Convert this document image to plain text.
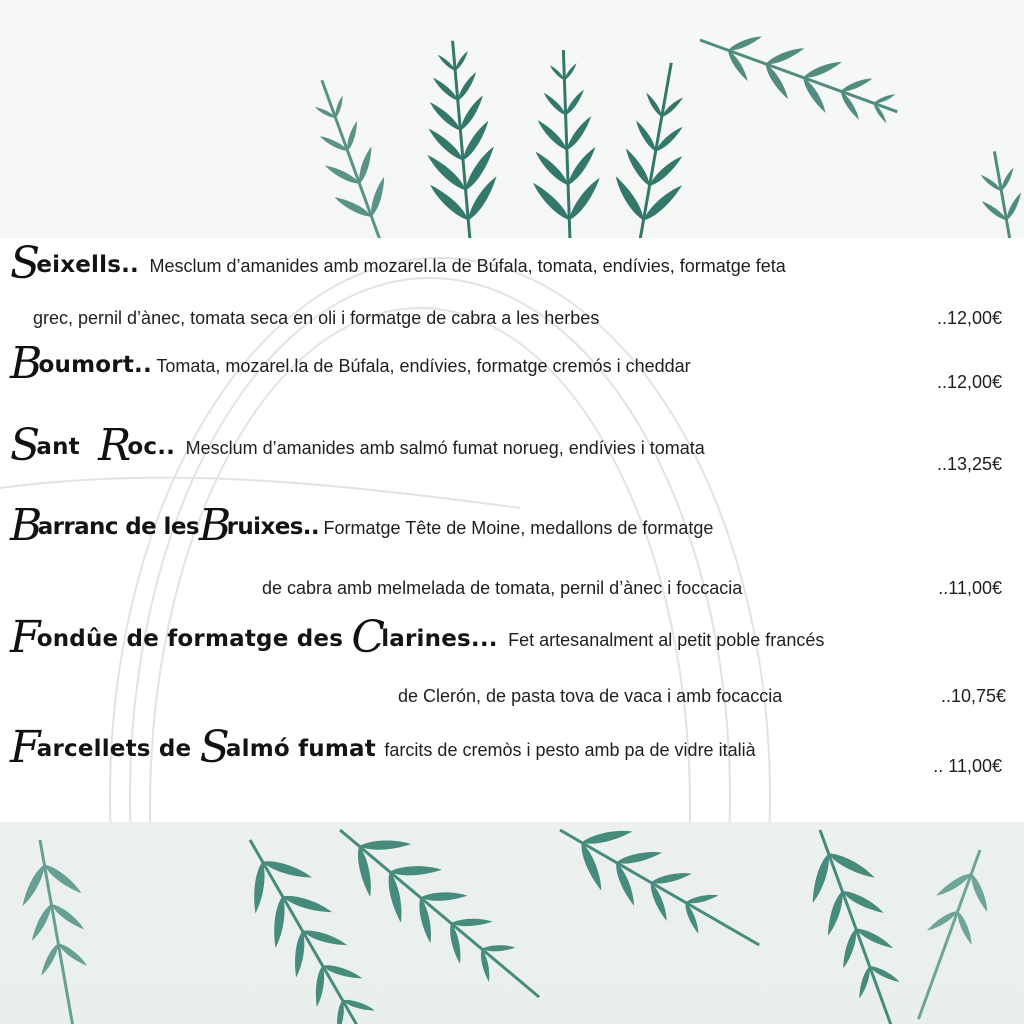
Seixells.. Mesclum d’amanides amb mozarel.la de Búfala, tomata, endívies, formatge feta
grec, pernil d’ànec, tomata seca en oli i formatge de cabra a les herbes	..12,00€
Boumort.. Tomata, mozarel.la de Búfala, endívies, formatge cremós i cheddar
..12,00€
Sant Roc.. Mesclum d’amanides amb salmó fumat norueg, endívies i tomata
..13,25€
Barranc de lesBruixes.. Formatge Tête de Moine, medallons de formatge
de cabra amb melmelada de tomata, pernil d’ànec i foccacia	..11,00€
Fondûe de formatge des Clarines... Fet artesanalment al petit poble francés
de Clerón, de pasta tova de vaca i amb focaccia	..10,75€
Farcellets de Salmó fumat farcits de cremòs i pesto amb pa de vidre italià
.. 11,00€
